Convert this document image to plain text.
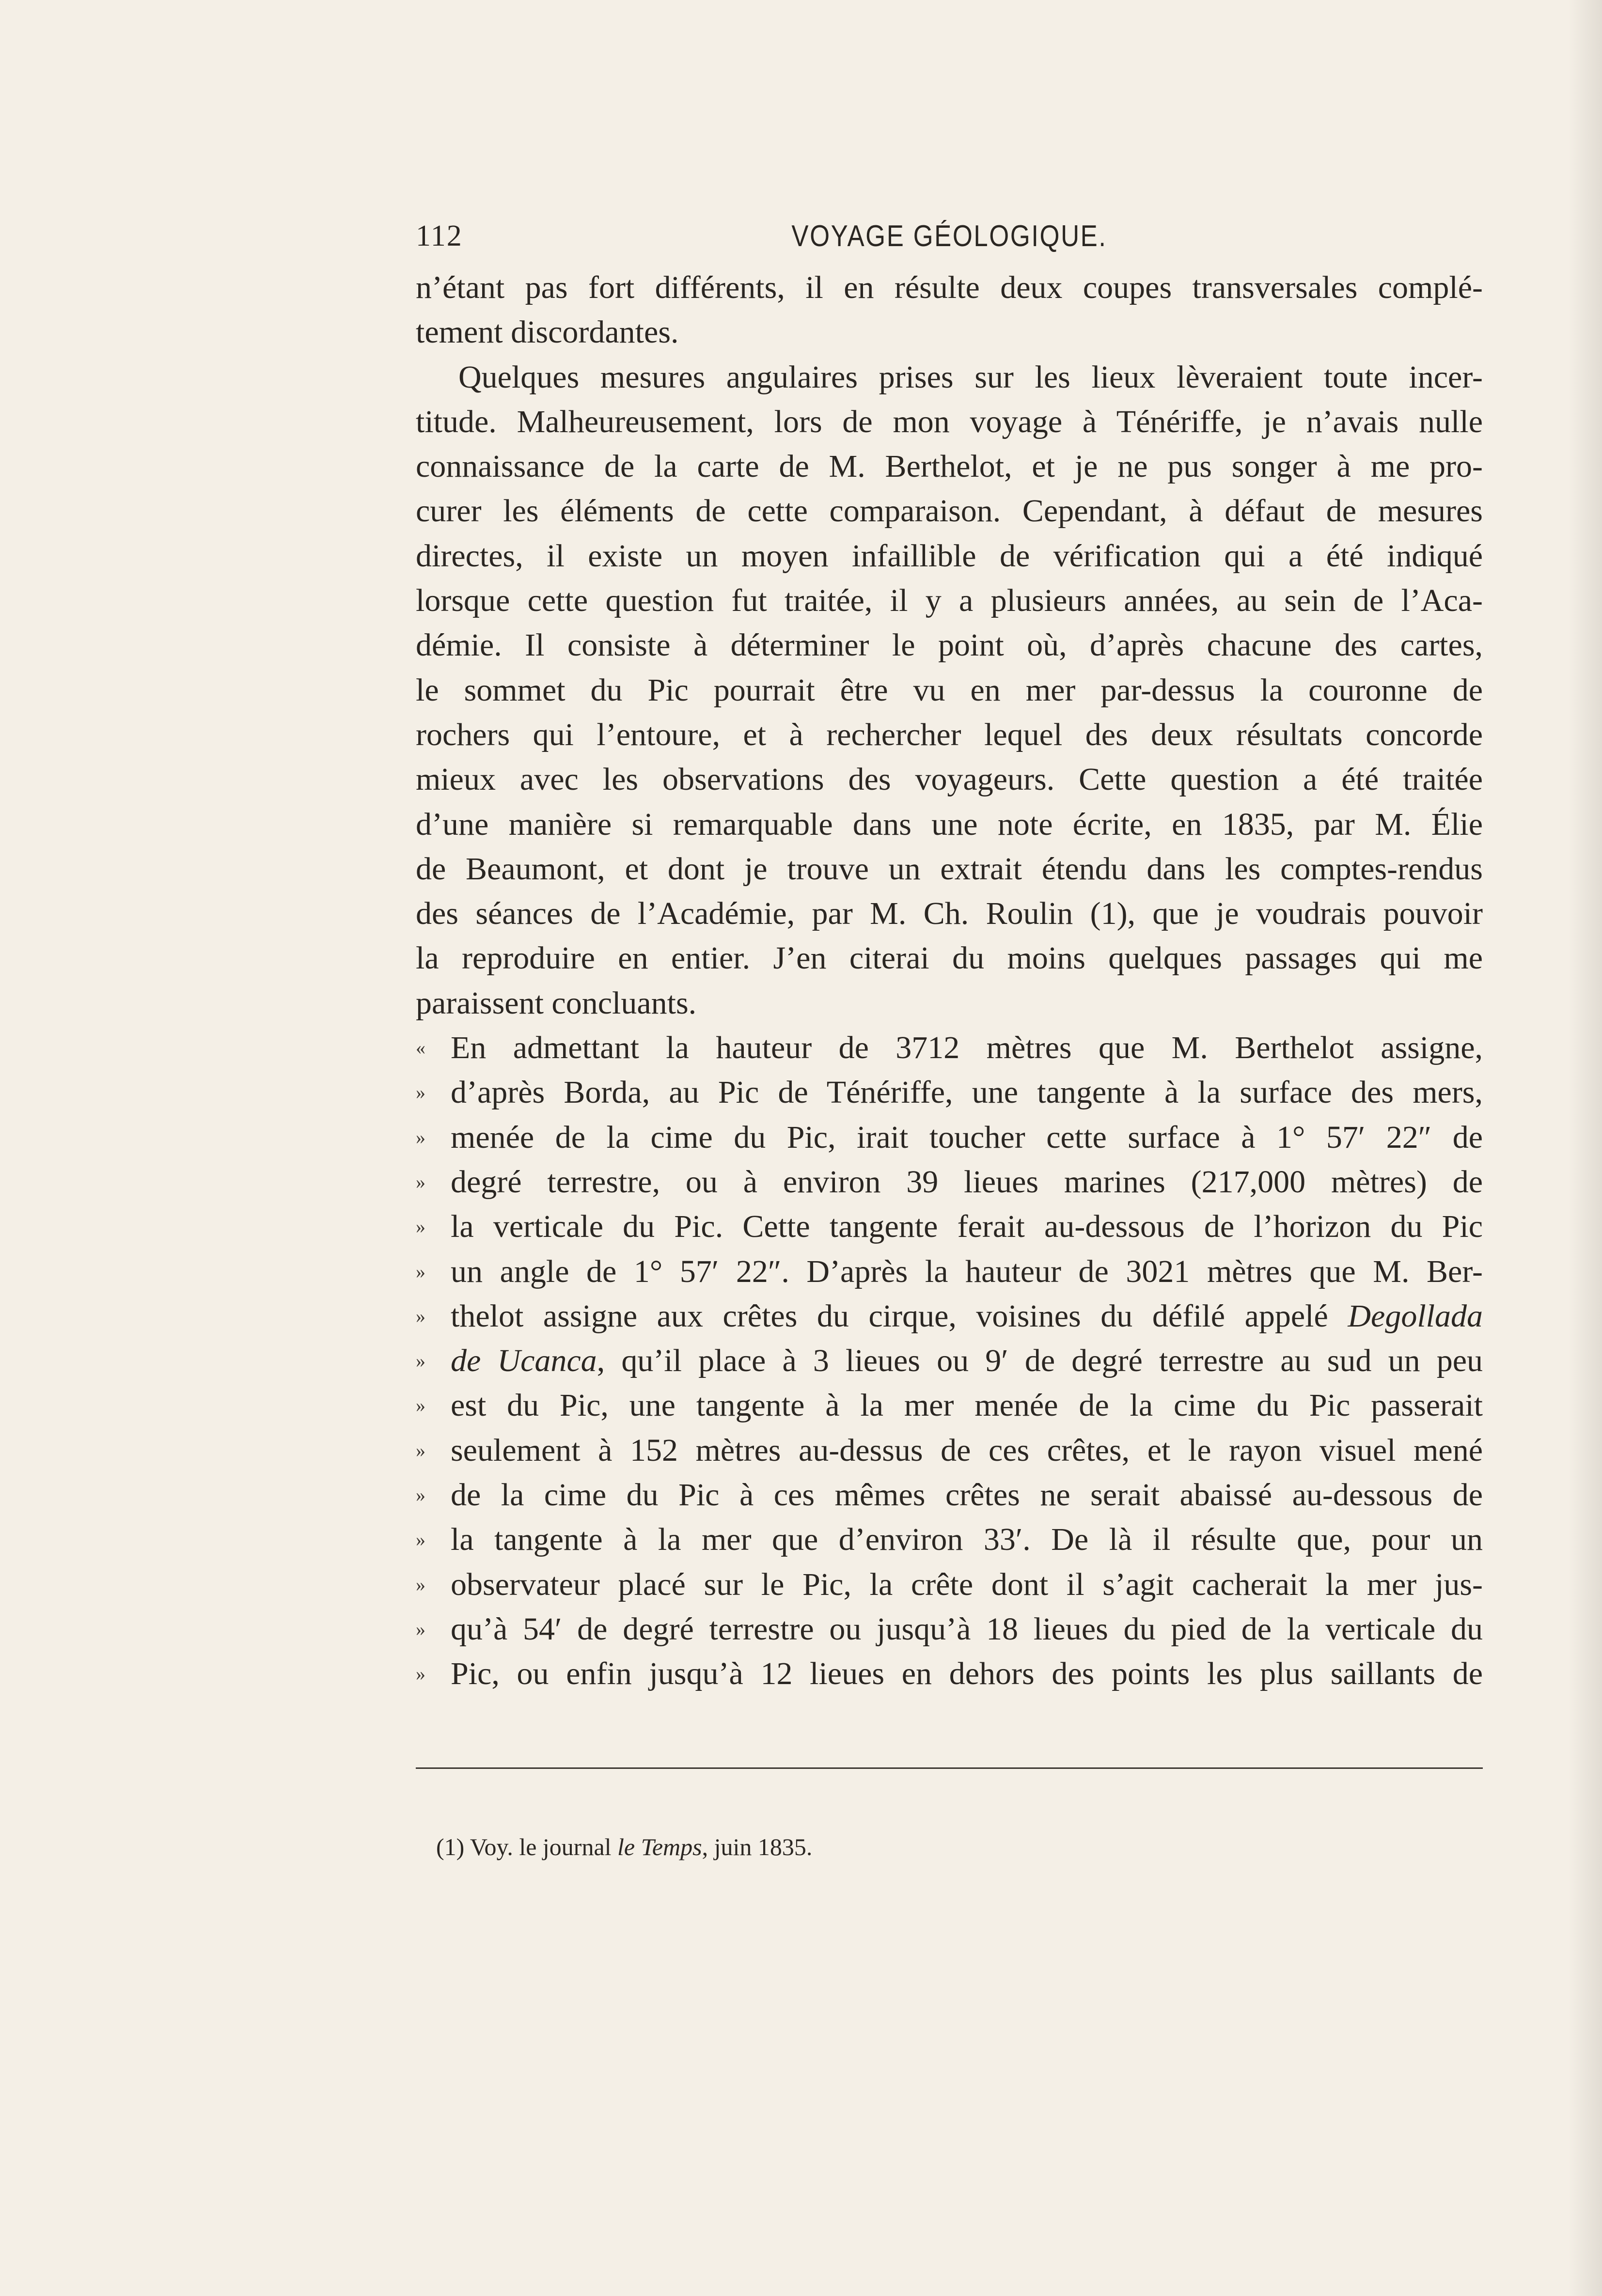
112	VOYAGE GÉOLOGIQUE.
n’étant pas fort différents, il en résulte deux coupes transversales complé-
tement discordantes.
Quelques mesures angulaires prises sur les lieux lèveraient toute incer-
titude. Malheureusement, lors de mon voyage à Ténériffe, je n’avais nulle
connaissance de la carte de M. Berthelot, et je ne pus songer à me pro-
curer les éléments de cette comparaison. Cependant, à défaut de mesures
directes, il existe un moyen infaillible de vérification qui a été indiqué
lorsque cette question fut traitée, il y a plusieurs années, au sein de l’Aca-
démie. Il consiste à déterminer le point où, d’après chacune des cartes,
le sommet du Pic pourrait être vu en mer par-dessus la couronne de
rochers qui l’entoure, et à rechercher lequel des deux résultats concorde
mieux avec les observations des voyageurs. Cette question a été traitée
d’une manière si remarquable dans une note écrite, en 1835, par M. Élie
de Beaumont, et dont je trouve un extrait étendu dans les comptes-rendus
des séances de l’Académie, par M. Ch. Roulin (1), que je voudrais pouvoir
la reproduire en entier. J’en citerai du moins quelques passages qui me
paraissent concluants.
« En admettant la hauteur de 3712 mètres que M. Berthelot assigne,
» d’après Borda, au Pic de Ténériffe, une tangente à la surface des mers,
» menée de la cime du Pic, irait toucher cette surface à 1° 57′ 22″ de
» degré terrestre, ou à environ 39 lieues marines (217,000 mètres) de
» la verticale du Pic. Cette tangente ferait au-dessous de l’horizon du Pic
» un angle de 1° 57′ 22″. D’après la hauteur de 3021 mètres que M. Ber-
» thelot assigne aux crêtes du cirque, voisines du défilé appelé Degollada
» de Ucanca, qu’il place à 3 lieues ou 9′ de degré terrestre au sud un peu
» est du Pic, une tangente à la mer menée de la cime du Pic passerait
» seulement à 152 mètres au-dessus de ces crêtes, et le rayon visuel mené
» de la cime du Pic à ces mêmes crêtes ne serait abaissé au-dessous de
» la tangente à la mer que d’environ 33′. De là il résulte que, pour un
» observateur placé sur le Pic, la crête dont il s’agit cacherait la mer jus-
» qu’à 54′ de degré terrestre ou jusqu’à 18 lieues du pied de la verticale du
» Pic, ou enfin jusqu’à 12 lieues en dehors des points les plus saillants de
(1) Voy. le journal le Temps, juin 1835.
